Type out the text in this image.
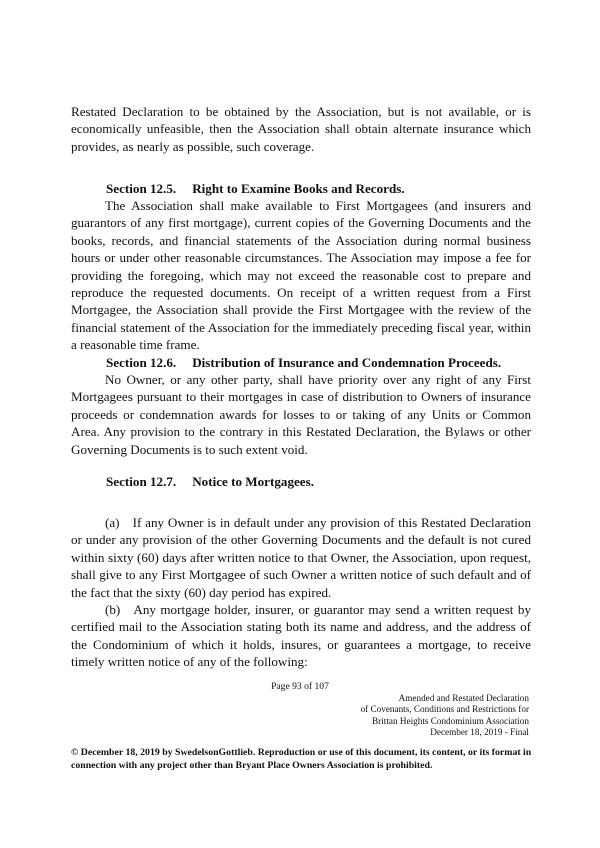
Restated Declaration to be obtained by the Association, but is not available, or is economically unfeasible, then the Association shall obtain alternate insurance which provides, as nearly as possible, such coverage.

Section 12.5. Right to Examine Books and Records.

The Association shall make available to First Mortgagees (and insurers and guarantors of any first mortgage), current copies of the Governing Documents and the books, records, and financial statements of the Association during normal business hours or under other reasonable circumstances. The Association may impose a fee for providing the foregoing, which may not exceed the reasonable cost to prepare and reproduce the requested documents. On receipt of a written request from a First Mortgagee, the Association shall provide the First Mortgagee with the review of the financial statement of the Association for the immediately preceding fiscal year, within a reasonable time frame.

Section 12.6. Distribution of Insurance and Condemnation Proceeds.

No Owner, or any other party, shall have priority over any right of any First Mortgagees pursuant to their mortgages in case of distribution to Owners of insurance proceeds or condemnation awards for losses to or taking of any Units or Common Area. Any provision to the contrary in this Restated Declaration, the Bylaws or other Governing Documents is to such extent void.

Section 12.7. Notice to Mortgagees.

(a) If any Owner is in default under any provision of this Restated Declaration or under any provision of the other Governing Documents and the default is not cured within sixty (60) days after written notice to that Owner, the Association, upon request, shall give to any First Mortgagee of such Owner a written notice of such default and of the fact that the sixty (60) day period has expired.

(b) Any mortgage holder, insurer, or guarantor may send a written request by certified mail to the Association stating both its name and address, and the address of the Condominium of which it holds, insures, or guarantees a mortgage, to receive timely written notice of any of the following:

Page 93 of 107
Amended and Restated Declaration
of Covenants, Conditions and Restrictions for
Brittan Heights Condominium Association
December 18, 2019 - Final
© December 18, 2019 by SwedelsonGottlieb. Reproduction or use of this document, its content, or its format in connection with any project other than Bryant Place Owners Association is prohibited.
